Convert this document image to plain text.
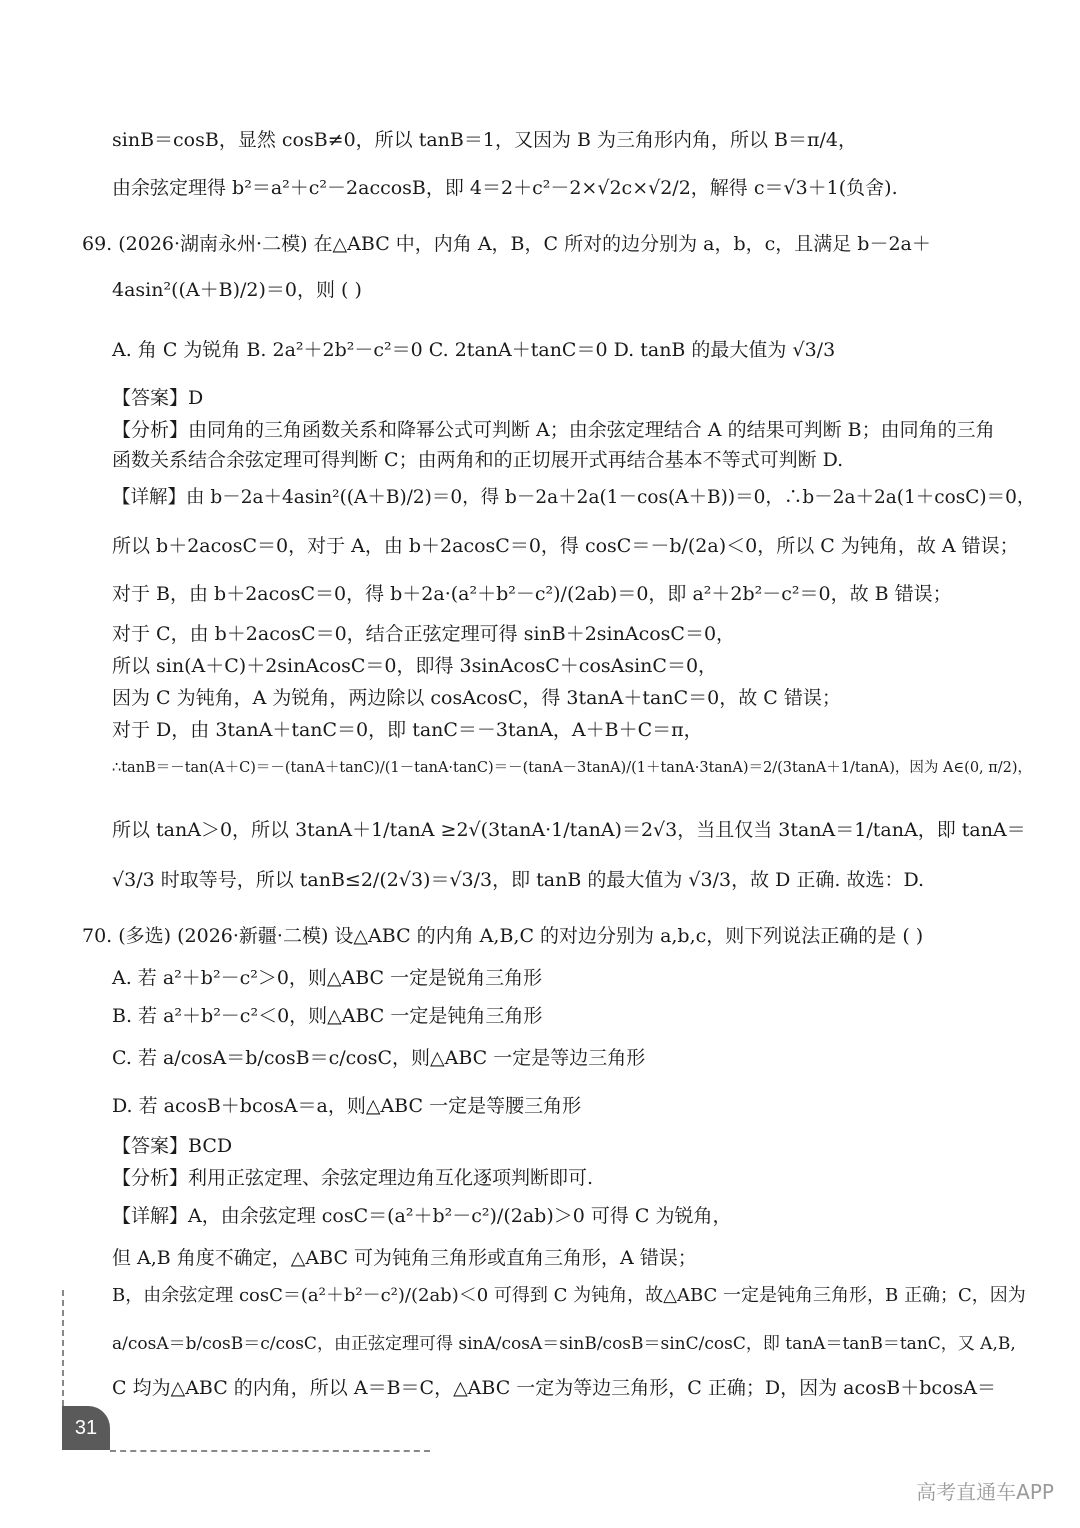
sinB＝cosB，显然 cosB≠0，所以 tanB＝1，又因为 B 为三角形内角，所以 B＝π/4，
由余弦定理得 b²＝a²＋c²－2accosB，即 4＝2＋c²－2×√2c×√2/2，解得 c＝√3＋1(负舍).
69. (2026·湖南永州·二模) 在△ABC 中，内角 A，B，C 所对的边分别为 a，b，c，且满足 b－2a＋
4asin²((A＋B)/2)＝0，则 ( )
A. 角 C 为锐角 B. 2a²＋2b²－c²＝0 C. 2tanA＋tanC＝0 D. tanB 的最大值为 √3/3
【答案】D
【分析】由同角的三角函数关系和降幂公式可判断 A；由余弦定理结合 A 的结果可判断 B；由同角的三角
函数关系结合余弦定理可得判断 C；由两角和的正切展开式再结合基本不等式可判断 D.
【详解】由 b－2a＋4asin²((A＋B)/2)＝0，得 b－2a＋2a(1－cos(A＋B))＝0，∴b－2a＋2a(1＋cosC)＝0，
所以 b＋2acosC＝0，对于 A，由 b＋2acosC＝0，得 cosC＝－b/(2a)＜0，所以 C 为钝角，故 A 错误；
对于 B，由 b＋2acosC＝0，得 b＋2a·(a²＋b²－c²)/(2ab)＝0，即 a²＋2b²－c²＝0，故 B 错误；
对于 C，由 b＋2acosC＝0，结合正弦定理可得 sinB＋2sinAcosC＝0，
所以 sin(A＋C)＋2sinAcosC＝0，即得 3sinAcosC＋cosAsinC＝0，
因为 C 为钝角，A 为锐角，两边除以 cosAcosC，得 3tanA＋tanC＝0，故 C 错误；
对于 D，由 3tanA＋tanC＝0，即 tanC＝－3tanA，A＋B＋C＝π，
∴tanB＝－tan(A＋C)＝－(tanA＋tanC)/(1－tanA·tanC)＝－(tanA－3tanA)/(1＋tanA·3tanA)＝2/(3tanA＋1/tanA)，因为 A∈(0, π/2)，
所以 tanA＞0，所以 3tanA＋1/tanA ≥2√(3tanA·1/tanA)＝2√3，当且仅当 3tanA＝1/tanA，即 tanA＝
√3/3 时取等号，所以 tanB≤2/(2√3)＝√3/3，即 tanB 的最大值为 √3/3，故 D 正确. 故选：D.
70. (多选) (2026·新疆·二模) 设△ABC 的内角 A,B,C 的对边分别为 a,b,c，则下列说法正确的是 ( )
A. 若 a²＋b²－c²＞0，则△ABC 一定是锐角三角形
B. 若 a²＋b²－c²＜0，则△ABC 一定是钝角三角形
C. 若 a/cosA＝b/cosB＝c/cosC，则△ABC 一定是等边三角形
D. 若 acosB＋bcosA＝a，则△ABC 一定是等腰三角形
【答案】BCD
【分析】利用正弦定理、余弦定理边角互化逐项判断即可.
【详解】A，由余弦定理 cosC＝(a²＋b²－c²)/(2ab)＞0 可得 C 为锐角，
但 A,B 角度不确定，△ABC 可为钝角三角形或直角三角形，A 错误；
B，由余弦定理 cosC＝(a²＋b²－c²)/(2ab)＜0 可得到 C 为钝角，故△ABC 一定是钝角三角形，B 正确；C，因为
a/cosA＝b/cosB＝c/cosC，由正弦定理可得 sinA/cosA＝sinB/cosB＝sinC/cosC，即 tanA＝tanB＝tanC，又 A,B,
C 均为△ABC 的内角，所以 A＝B＝C，△ABC 一定为等边三角形，C 正确；D，因为 acosB＋bcosA＝
31
高考直通车APP
